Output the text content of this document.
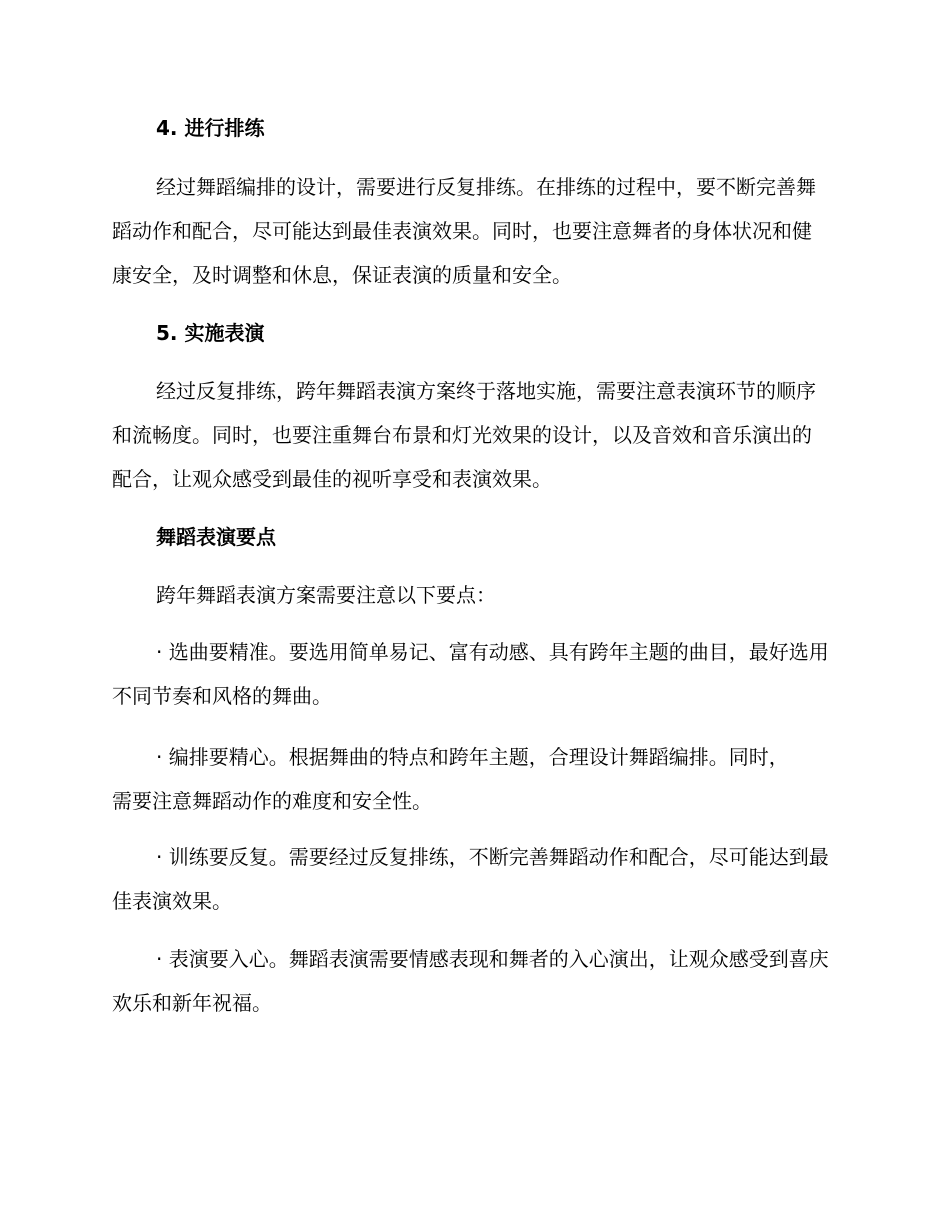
4. 进行排练

经过舞蹈编排的设计，需要进行反复排练。在排练的过程中，要不断完善舞蹈动作和配合，尽可能达到最佳表演效果。同时，也要注意舞者的身体状况和健康安全，及时调整和休息，保证表演的质量和安全。

5. 实施表演

经过反复排练，跨年舞蹈表演方案终于落地实施，需要注意表演环节的顺序和流畅度。同时，也要注重舞台布景和灯光效果的设计，以及音效和音乐演出的配合，让观众感受到最佳的视听享受和表演效果。

舞蹈表演要点

跨年舞蹈表演方案需要注意以下要点：

· 选曲要精准。要选用简单易记、富有动感、具有跨年主题的曲目，最好选用不同节奏和风格的舞曲。

· 编排要精心。根据舞曲的特点和跨年主题，合理设计舞蹈编排。同时，需要注意舞蹈动作的难度和安全性。

· 训练要反复。需要经过反复排练，不断完善舞蹈动作和配合，尽可能达到最佳表演效果。

· 表演要入心。舞蹈表演需要情感表现和舞者的入心演出，让观众感受到喜庆欢乐和新年祝福。
